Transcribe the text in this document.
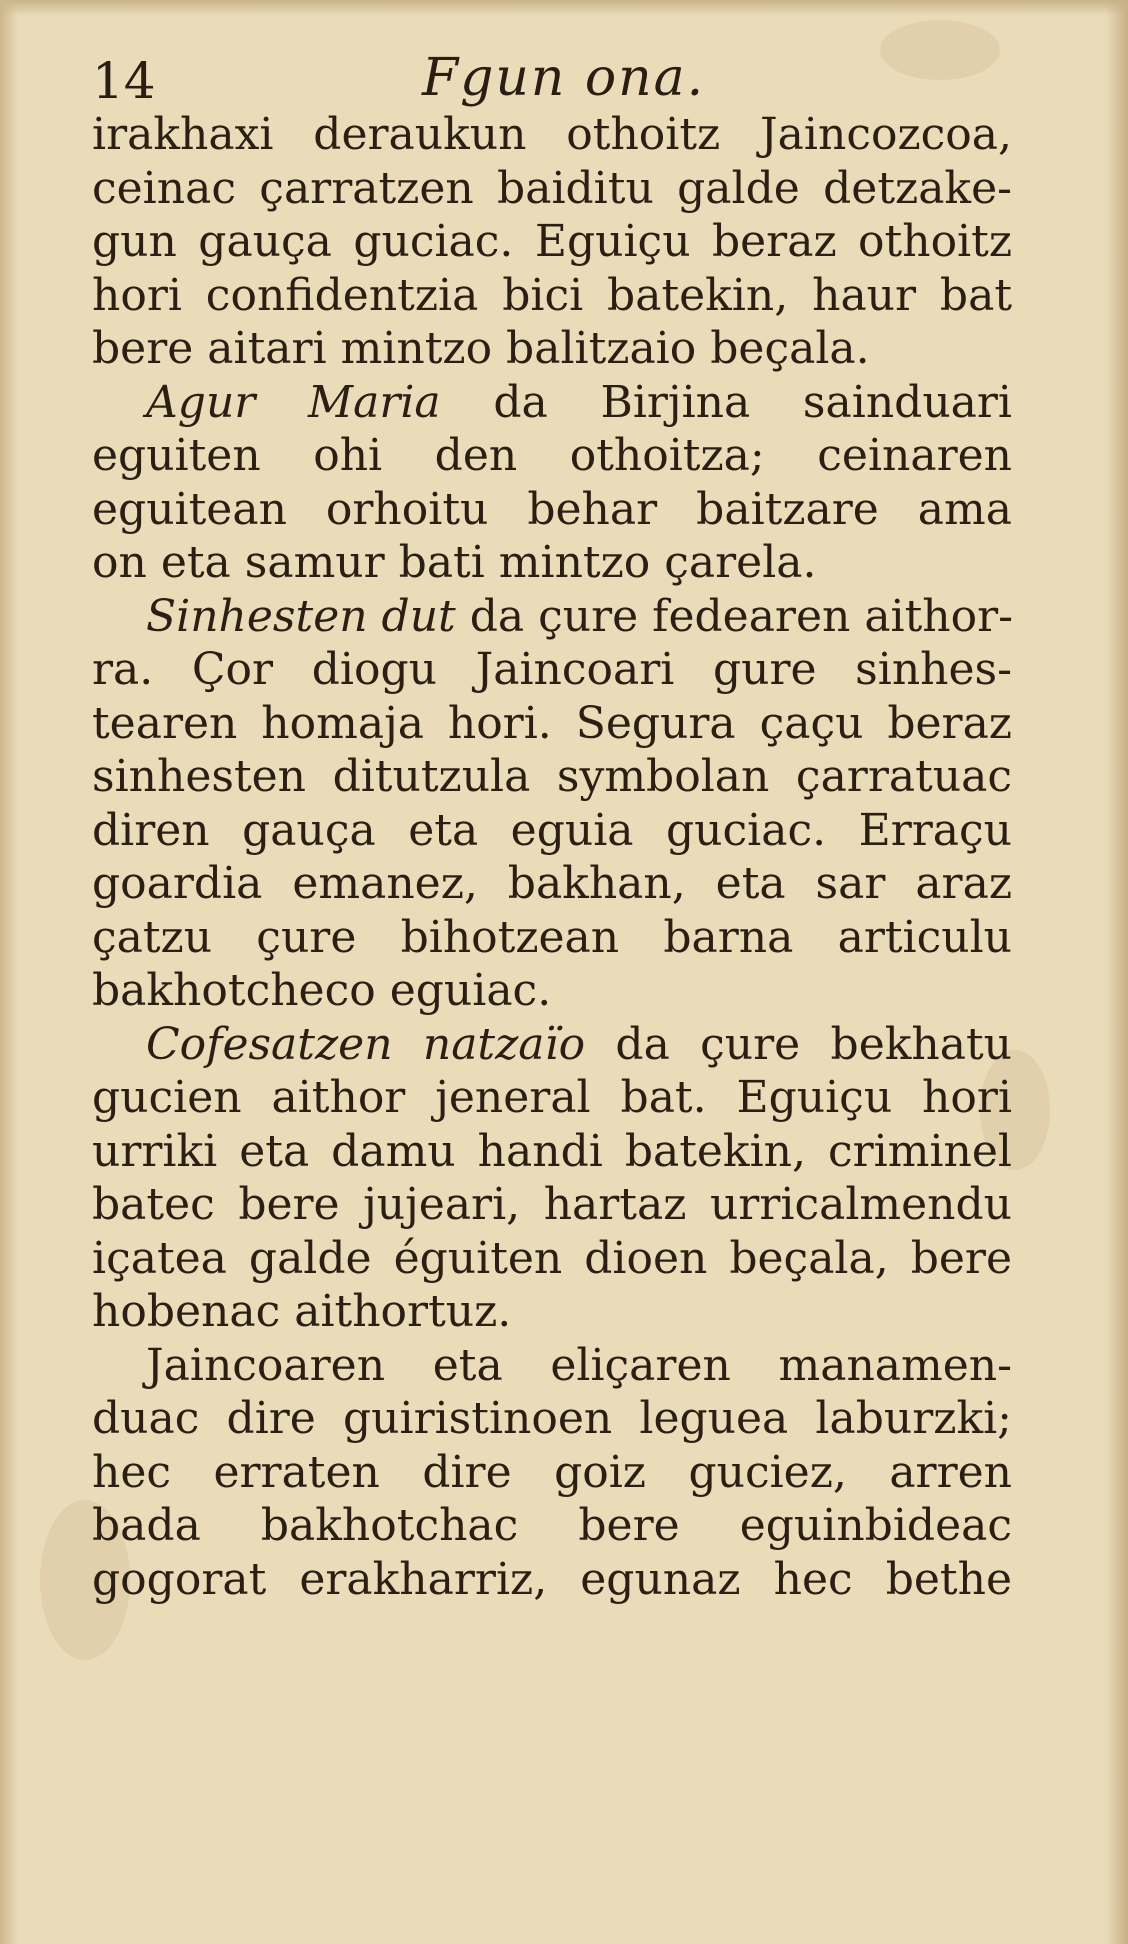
14	Fgun ona.
irakhaxi deraukun othoitz Jaincozcoa,
ceinac çarratzen baiditu galde detzake-
gun gauça guciac. Eguiçu beraz othoitz
hori confidentzia bici batekin, haur bat
bere aitari mintzo balitzaio beçala.
Agur Maria da Birjina sainduari
eguiten ohi den othoitza; ceinaren
eguitean orhoitu behar baitzare ama
on eta samur bati mintzo çarela.
Sinhesten dut da çure fedearen aithor-
ra. Çor diogu Jaincoari gure sinhes-
tearen homaja hori. Segura çaçu beraz
sinhesten ditutzula symbolan çarratuac
diren gauça eta eguia guciac. Erraçu
goardia emanez, bakhan, eta sar araz
çatzu çure bihotzean barna articulu
bakhotcheco eguiac.
Cofesatzen natzaïo da çure bekhatu
gucien aithor jeneral bat. Eguiçu hori
urriki eta damu handi batekin, criminel
batec bere jujeari, hartaz urricalmendu
içatea galde éguiten dioen beçala, bere
hobenac aithortuz.
Jaincoaren eta eliçaren manamen-
duac dire guiristinoen leguea laburzki;
hec erraten dire goiz guciez, arren
bada bakhotchac bere eguinbideac
gogorat erakharriz, egunaz hec bethe
